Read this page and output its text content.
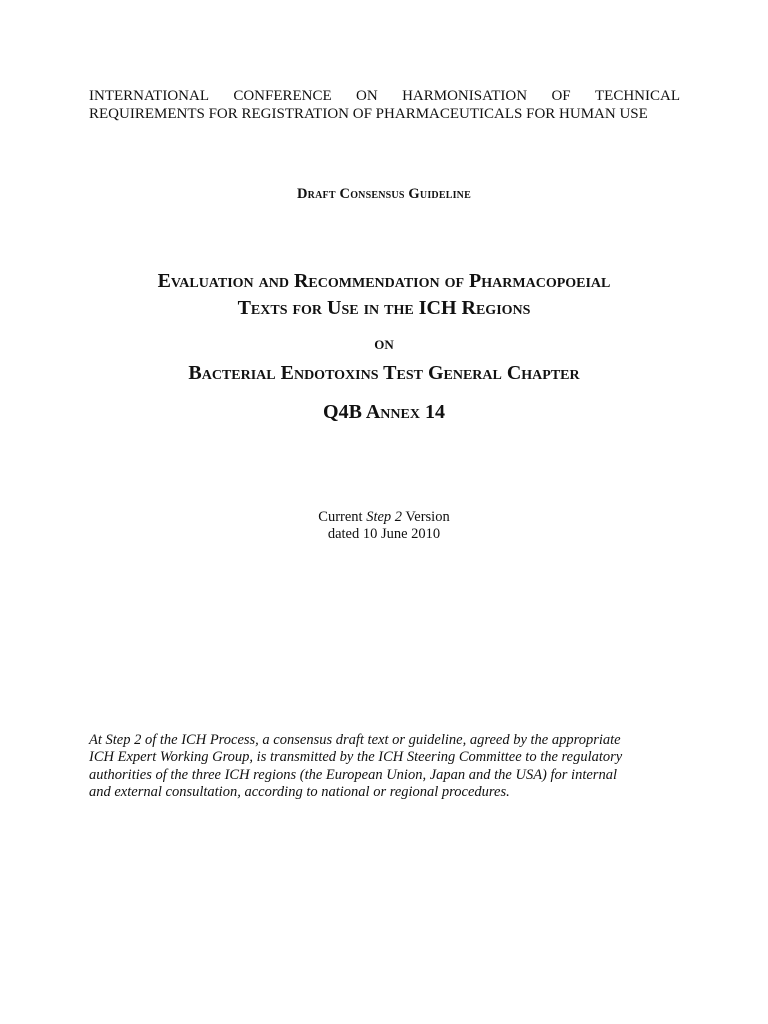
INTERNATIONAL CONFERENCE ON HARMONISATION OF TECHNICAL
REQUIREMENTS FOR REGISTRATION OF PHARMACEUTICALS FOR HUMAN USE
Draft Consensus Guideline
Evaluation and Recommendation of Pharmacopoeial
Texts for Use in the ICH Regions
on
Bacterial Endotoxins Test General Chapter
Q4B Annex 14
Current Step 2 Version
dated 10 June 2010
At Step 2 of the ICH Process, a consensus draft text or guideline, agreed by the appropriate
ICH Expert Working Group, is transmitted by the ICH Steering Committee to the regulatory
authorities of the three ICH regions (the European Union, Japan and the USA) for internal
and external consultation, according to national or regional procedures.
